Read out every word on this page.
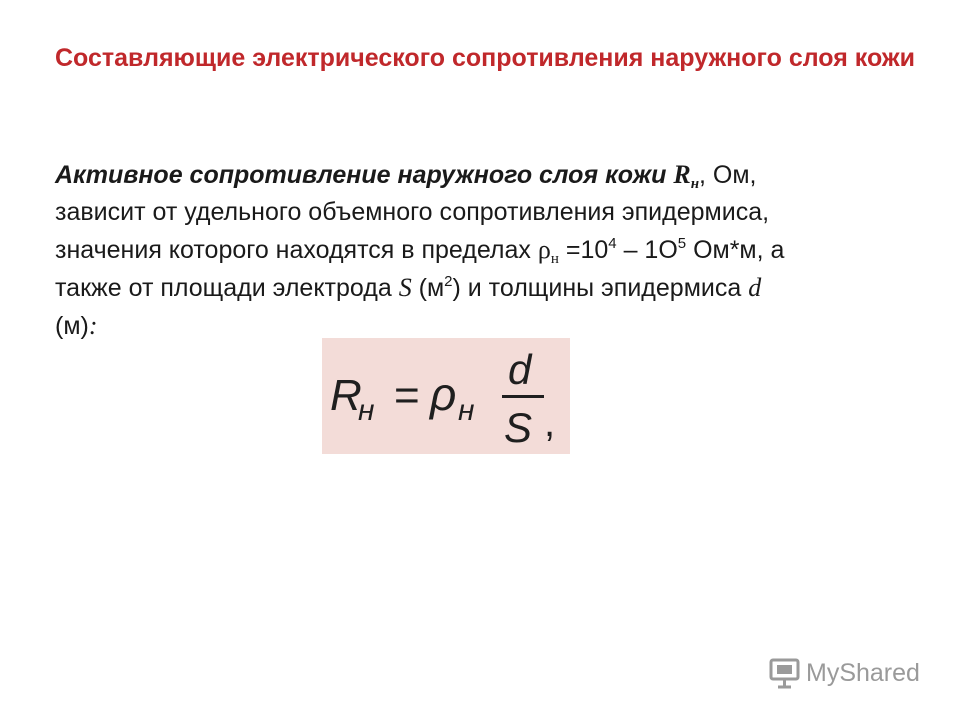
Составляющие электрического сопротивления наружного слоя кожи

Активное сопротивление наружного слоя кожи $R_н$, Ом,
зависит от удельного объемного сопротивления эпидермиса,
значения которого находятся в пределах $\rho_н =10^4 - 1О^5$ Ом*м, а
также от площади электрода S $(м^2)$ и толщины эпидермиса d
(м):

R
н = ρ н
d
S ,
MyShared
